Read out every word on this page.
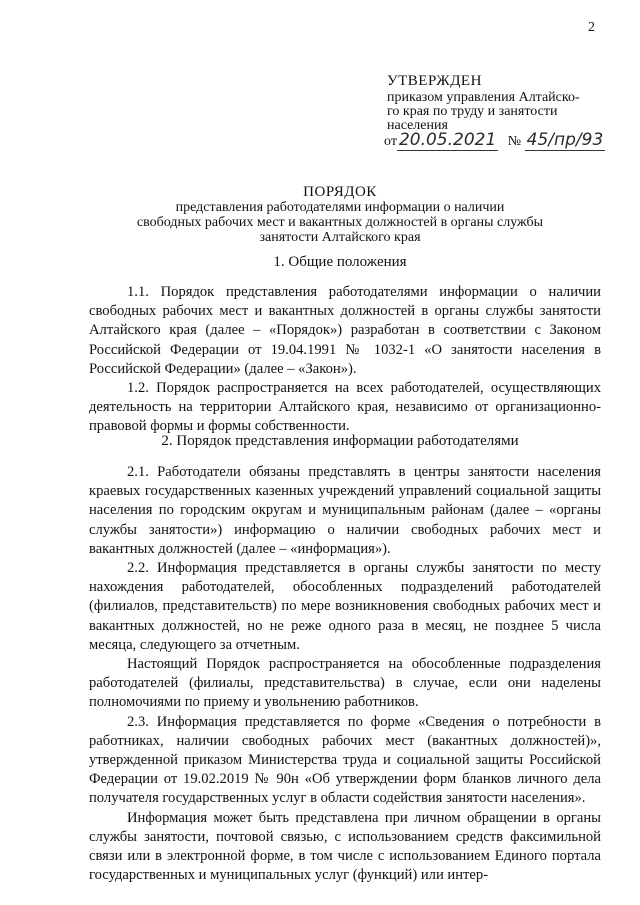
2
УТВЕРЖДЕН
приказом управления Алтайско-
го края по труду и занятости
населения
от 20.05.2021 № 45/пр/93
ПОРЯДОК
представления работодателями информации о наличии
свободных рабочих мест и вакантных должностей в органы службы
занятости Алтайского края
1. Общие положения

1.1. Порядок представления работодателями информации о наличии свободных рабочих мест и вакантных должностей в органы службы занятости Алтайского края (далее – «Порядок») разработан в соответствии с Законом Российской Федерации от 19.04.1991 № 1032-1 «О занятости населения в Российской Федерации» (далее – «Закон»).

1.2. Порядок распространяется на всех работодателей, осуществляющих деятельность на территории Алтайского края, независимо от организационно-правовой формы и формы собственности.

2. Порядок представления информации работодателями

2.1. Работодатели обязаны представлять в центры занятости населения краевых государственных казенных учреждений управлений социальной защиты населения по городским округам и муниципальным районам (далее – «органы службы занятости») информацию о наличии свободных рабочих мест и вакантных должностей (далее – «информация»).

2.2. Информация представляется в органы службы занятости по месту нахождения работодателей, обособленных подразделений работодателей (филиалов, представительств) по мере возникновения свободных рабочих мест и вакантных должностей, но не реже одного раза в месяц, не позднее 5 числа месяца, следующего за отчетным.

Настоящий Порядок распространяется на обособленные подразделения работодателей (филиалы, представительства) в случае, если они наделены полномочиями по приему и увольнению работников.

2.3. Информация представляется по форме «Сведения о потребности в работниках, наличии свободных рабочих мест (вакантных должностей)», утвержденной приказом Министерства труда и социальной защиты Российской Федерации от 19.02.2019 № 90н «Об утверждении форм бланков личного дела получателя государственных услуг в области содействия занятости населения».

Информация может быть представлена при личном обращении в органы службы занятости, почтовой связью, с использованием средств факсимильной связи или в электронной форме, в том числе с использованием Единого портала государственных и муниципальных услуг (функций) или интер-
